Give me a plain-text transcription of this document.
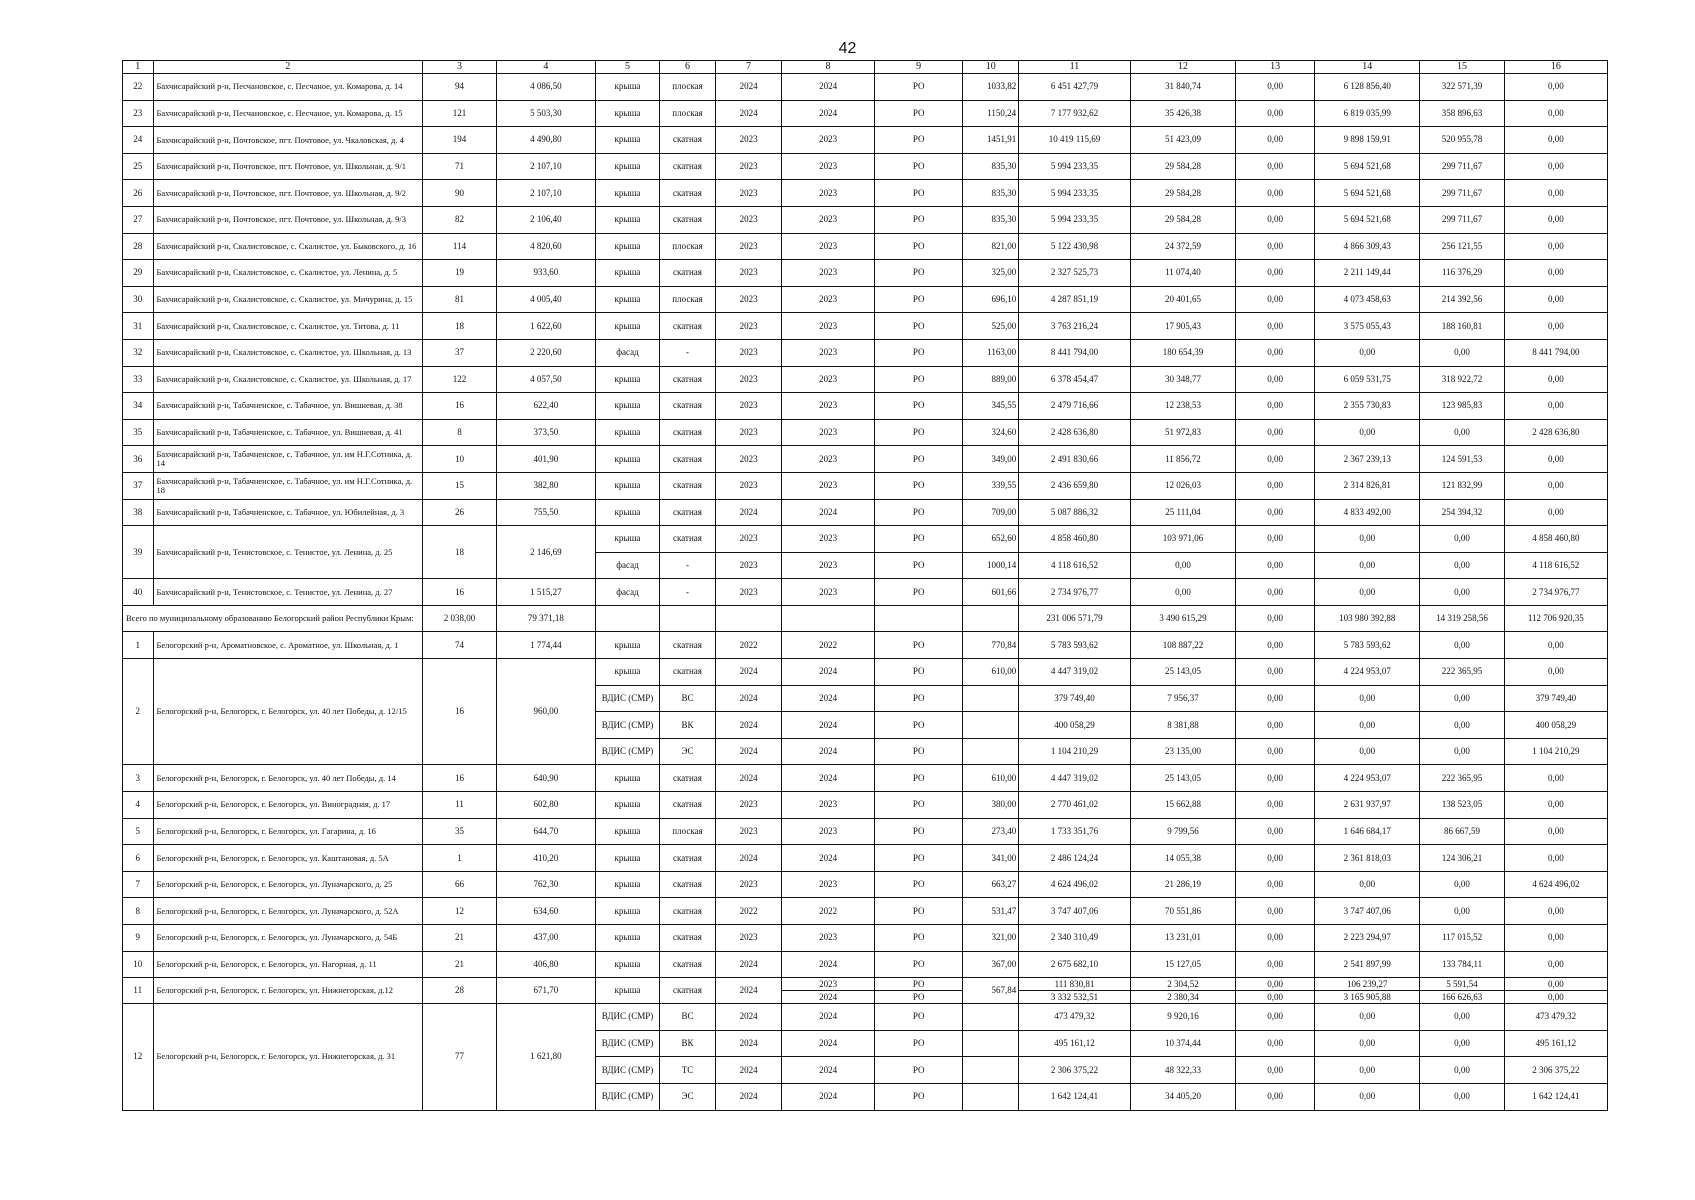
42
1	2	3	4	5	6	7	8	9	10	11	12	13	14	15	16
22	Бахчисарайский р-н, Песчановское, с. Песчаное, ул. Комарова, д. 14	94	4 086,50	крыша	плоская	2024	2024	РО	1033,82	6 451 427,79	31 840,74	0,00	6 128 856,40	322 571,39	0,00
23	Бахчисарайский р-н, Песчановское, с. Песчаное, ул. Комарова, д. 15	121	5 503,30	крыша	плоская	2024	2024	РО	1150,24	7 177 932,62	35 426,38	0,00	6 819 035,99	358 896,63	0,00
24	Бахчисарайский р-н, Почтовское, пгт. Почтовое, ул. Чкаловская, д. 4	194	4 490,80	крыша	скатная	2023	2023	РО	1451,91	10 419 115,69	51 423,09	0,00	9 898 159,91	520 955,78	0,00
25	Бахчисарайский р-н, Почтовское, пгт. Почтовое, ул. Школьная, д. 9/1	71	2 107,10	крыша	скатная	2023	2023	РО	835,30	5 994 233,35	29 584,28	0,00	5 694 521,68	299 711,67	0,00
26	Бахчисарайский р-н, Почтовское, пгт. Почтовое, ул. Школьная, д. 9/2	90	2 107,10	крыша	скатная	2023	2023	РО	835,30	5 994 233,35	29 584,28	0,00	5 694 521,68	299 711,67	0,00
27	Бахчисарайский р-н, Почтовское, пгт. Почтовое, ул. Школьная, д. 9/3	82	2 106,40	крыша	скатная	2023	2023	РО	835,30	5 994 233,35	29 584,28	0,00	5 694 521,68	299 711,67	0,00
28	Бахчисарайский р-н, Скалистовское, с. Скалистое, ул. Быковского, д. 16	114	4 820,60	крыша	плоская	2023	2023	РО	821,00	5 122 430,98	24 372,59	0,00	4 866 309,43	256 121,55	0,00
29	Бахчисарайский р-н, Скалистовское, с. Скалистое, ул. Ленина, д. 5	19	933,60	крыша	скатная	2023	2023	РО	325,00	2 327 525,73	11 074,40	0,00	2 211 149,44	116 376,29	0,00
30	Бахчисарайский р-н, Скалистовское, с. Скалистое, ул. Мичурина, д. 15	81	4 005,40	крыша	плоская	2023	2023	РО	696,10	4 287 851,19	20 401,65	0,00	4 073 458,63	214 392,56	0,00
31	Бахчисарайский р-н, Скалистовское, с. Скалистое, ул. Титова, д. 11	18	1 622,60	крыша	скатная	2023	2023	РО	525,00	3 763 216,24	17 905,43	0,00	3 575 055,43	188 160,81	0,00
32	Бахчисарайский р-н, Скалистовское, с. Скалистое, ул. Школьная, д. 13	37	2 220,60	фасад	-	2023	2023	РО	1163,00	8 441 794,00	180 654,39	0,00	0,00	0,00	8 441 794,00
33	Бахчисарайский р-н, Скалистовское, с. Скалистое, ул. Школьная, д. 17	122	4 057,50	крыша	скатная	2023	2023	РО	889,00	6 378 454,47	30 348,77	0,00	6 059 531,75	318 922,72	0,00
34	Бахчисарайский р-н, Табачненское, с. Табачное, ул. Вишневая, д. 38	16	622,40	крыша	скатная	2023	2023	РО	345,55	2 479 716,66	12 238,53	0,00	2 355 730,83	123 985,83	0,00
35	Бахчисарайский р-н, Табачненское, с. Табачное, ул. Вишневая, д. 41	8	373,50	крыша	скатная	2023	2023	РО	324,60	2 428 636,80	51 972,83	0,00	0,00	0,00	2 428 636,80
36	Бахчисарайский р-н, Табачненское, с. Табачное, ул. им Н.Г.Сотника, д. 14	10	401,90	крыша	скатная	2023	2023	РО	349,00	2 491 830,66	11 856,72	0,00	2 367 239,13	124 591,53	0,00
37	Бахчисарайский р-н, Табачненское, с. Табачное, ул. им Н.Г.Сотника, д. 18	15	382,80	крыша	скатная	2023	2023	РО	339,55	2 436 659,80	12 026,03	0,00	2 314 826,81	121 832,99	0,00
38	Бахчисарайский р-н, Табачненское, с. Табачное, ул. Юбилейная, д. 3	26	755,50	крыша	скатная	2024	2024	РО	709,00	5 087 886,32	25 111,04	0,00	4 833 492,00	254 394,32	0,00
39	Бахчисарайский р-н, Тенистовское, с. Тенистое, ул. Ленина, д. 25	18	2 146,69	крыша	скатная	2023	2023	РО	652,60	4 858 460,80	103 971,06	0,00	0,00	0,00	4 858 460,80
				фасад	-	2023	2023	РО	1000,14	4 118 616,52	0,00	0,00	0,00	0,00	4 118 616,52
40	Бахчисарайский р-н, Тенистовское, с. Тенистое, ул. Ленина, д. 27	16	1 515,27	фасад	-	2023	2023	РО	601,66	2 734 976,77	0,00	0,00	0,00	0,00	2 734 976,77
Всего по муниципальному образованию Белогорский район Республики Крым:		2 038,00	79 371,18							231 006 571,79	3 490 615,29	0,00	103 980 392,88	14 319 258,56	112 706 920,35
1	Белогорский р-н, Ароматновское, с. Ароматное, ул. Школьная, д. 1	74	1 774,44	крыша	скатная	2022	2022	РО	770,84	5 783 593,62	108 887,22	0,00	5 783 593,62	0,00	0,00
2	Белогорский р-н, Белогорск, г. Белогорск, ул. 40 лет Победы, д. 12/15	16	960,00	крыша	скатная	2024	2024	РО	610,00	4 447 319,02	25 143,05	0,00	4 224 953,07	222 365,95	0,00
				ВДИС (СМР)	ВС	2024	2024	РО		379 749,40	7 956,37	0,00	0,00	0,00	379 749,40
				ВДИС (СМР)	ВК	2024	2024	РО		400 058,29	8 381,88	0,00	0,00	0,00	400 058,29
				ВДИС (СМР)	ЭС	2024	2024	РО		1 104 210,29	23 135,00	0,00	0,00	0,00	1 104 210,29
3	Белогорский р-н, Белогорск, г. Белогорск, ул. 40 лет Победы, д. 14	16	640,90	крыша	скатная	2024	2024	РО	610,00	4 447 319,02	25 143,05	0,00	4 224 953,07	222 365,95	0,00
4	Белогорский р-н, Белогорск, г. Белогорск, ул. Виноградная, д. 17	11	602,80	крыша	скатная	2023	2023	РО	380,00	2 770 461,02	15 662,88	0,00	2 631 937,97	138 523,05	0,00
5	Белогорский р-н, Белогорск, г. Белогорск, ул. Гагарина, д. 16	35	644,70	крыша	плоская	2023	2023	РО	273,40	1 733 351,76	9 799,56	0,00	1 646 684,17	86 667,59	0,00
6	Белогорский р-н, Белогорск, г. Белогорск, ул. Каштановая, д. 5А	1	410,20	крыша	скатная	2024	2024	РО	341,00	2 486 124,24	14 055,38	0,00	2 361 818,03	124 306,21	0,00
7	Белогорский р-н, Белогорск, г. Белогорск, ул. Луначарского, д. 25	66	762,30	крыша	скатная	2023	2023	РО	663,27	4 624 496,02	21 286,19	0,00	0,00	0,00	4 624 496,02
8	Белогорский р-н, Белогорск, г. Белогорск, ул. Луначарского, д. 52А	12	634,60	крыша	скатная	2022	2022	РО	531,47	3 747 407,06	70 551,86	0,00	3 747 407,06	0,00	0,00
9	Белогорский р-н, Белогорск, г. Белогорск, ул. Луначарского, д. 54Б	21	437,00	крыша	скатная	2023	2023	РО	321,00	2 340 310,49	13 231,01	0,00	2 223 294,97	117 015,52	0,00
10	Белогорский р-н, Белогорск, г. Белогорск, ул. Нагорная, д. 11	21	406,80	крыша	скатная	2024	2024	РО	367,00	2 675 682,10	15 127,05	0,00	2 541 897,99	133 784,11	0,00
11	Белогорский р-н, Белогорск, г. Белогорск, ул. Нижнегорская, д.12	28	671,70	крыша	скатная	2024	2023	РО	567,84	111 830,81	2 304,52	0,00	106 239,27	5 591,54	0,00
							2024	РО		3 332 532,51	2 380,34	0,00	3 165 905,88	166 626,63	0,00
12	Белогорский р-н, Белогорск, г. Белогорск, ул. Нижнегорская, д. 31	77	1 621,80	ВДИС (СМР)	ВС	2024	2024	РО		473 479,32	9 920,16	0,00	0,00	0,00	473 479,32
				ВДИС (СМР)	ВК	2024	2024	РО		495 161,12	10 374,44	0,00	0,00	0,00	495 161,12
				ВДИС (СМР)	ТС	2024	2024	РО		2 306 375,22	48 322,33	0,00	0,00	0,00	2 306 375,22
				ВДИС (СМР)	ЭС	2024	2024	РО		1 642 124,41	34 405,20	0,00	0,00	0,00	1 642 124,41
